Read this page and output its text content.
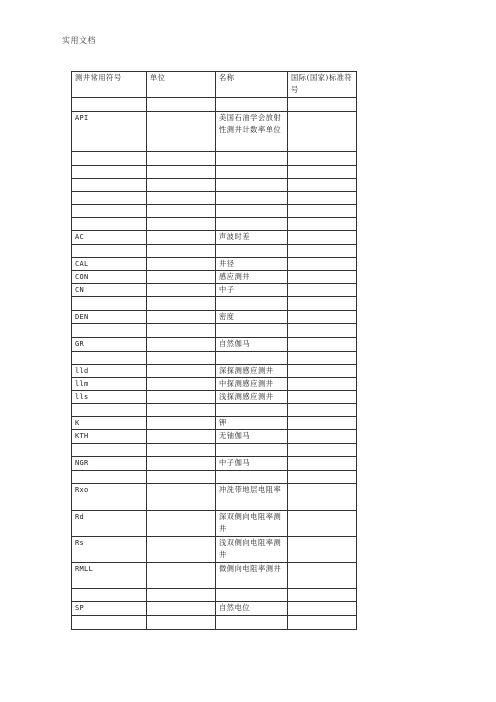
实用文档
测井常用符号	单位	名称	国际(国家)标准符号

API		美国石油学会放射性测井计数率单位	

AC		声波时差	

CAL		井径	
CON		感应测井	
CN		中子	

DEN		密度	

GR		自然伽马	

lld		深探测感应测井	
llm		中探测感应测井	
lls		浅探测感应测井	

K		钾	
KTH		无铀伽马	

NGR		中子伽马	

Rxo		冲洗带地层电阻率	
Rd		深双侧向电阻率测井	
Rs		浅双侧向电阻率测井	
RMLL		微侧向电阻率测井	

SP		自然电位	
